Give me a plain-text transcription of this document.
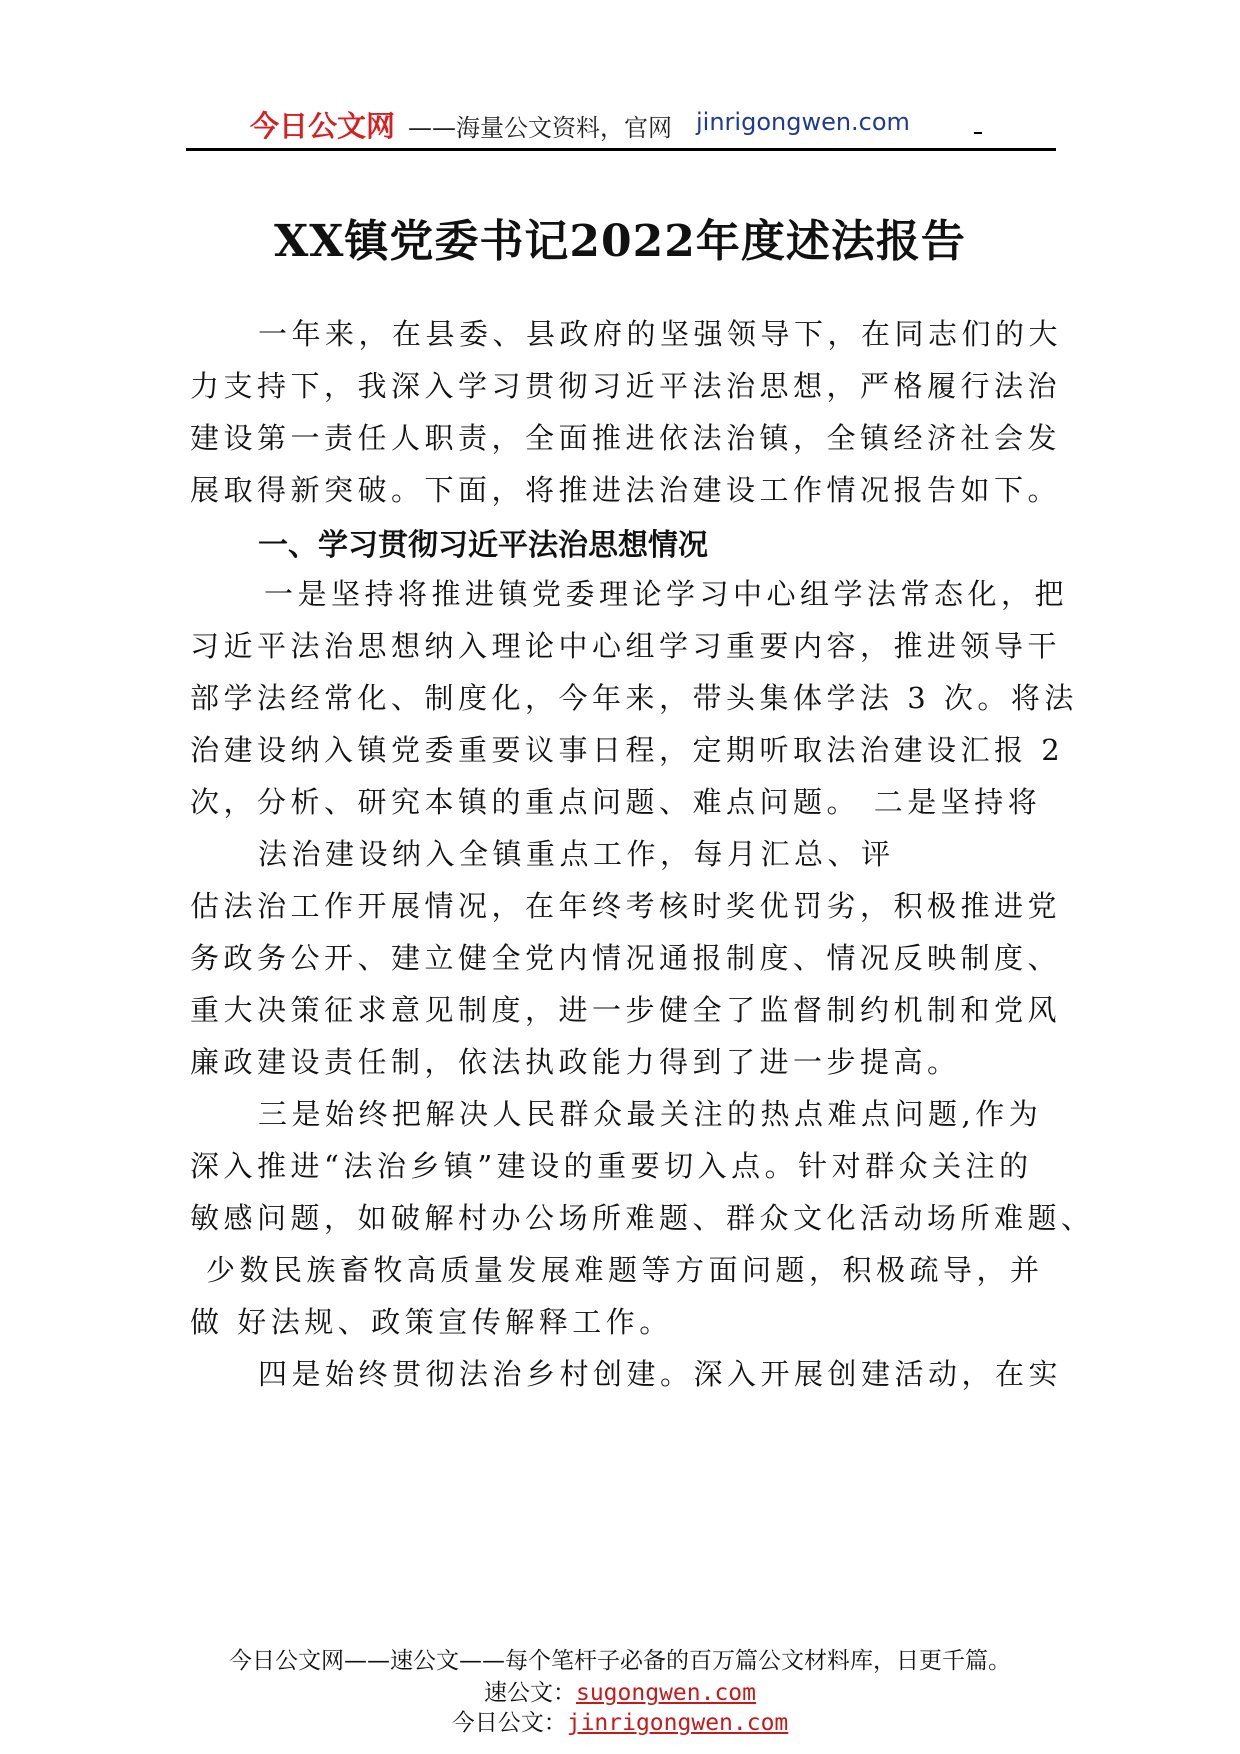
今日公文网 ——海量公文资料，官网 jinrigongwen.com
XX镇党委书记2022年度述法报告
一年来，在县委、县政府的坚强领导下，在同志们的大
力支持下，我深入学习贯彻习近平法治思想，严格履行法治
建设第一责任人职责，全面推进依法治镇，全镇经济社会发
展取得新突破。下面，将推进法治建设工作情况报告如下。
一、学习贯彻习近平法治思想情况
一是坚持将推进镇党委理论学习中心组学法常态化，把
习近平法治思想纳入理论中心组学习重要内容，推进领导干
部学法经常化、制度化，今年来，带头集体学法 3 次。将法
治建设纳入镇党委重要议事日程，定期听取法治建设汇报 2
次，分析、研究本镇的重点问题、难点问题。 二是坚持将
法治建设纳入全镇重点工作，每月汇总、评
估法治工作开展情况，在年终考核时奖优罚劣，积极推进党
务政务公开、建立健全党内情况通报制度、情况反映制度、
重大决策征求意见制度，进一步健全了监督制约机制和党风
廉政建设责任制，依法执政能力得到了进一步提高。
三是始终把解决人民群众最关注的热点难点问题,作为
深入推进“法治乡镇”建设的重要切入点。针对群众关注的
敏感问题，如破解村办公场所难题、群众文化活动场所难题、
少数民族畜牧高质量发展难题等方面问题，积极疏导，并
做 好法规、政策宣传解释工作。
四是始终贯彻法治乡村创建。深入开展创建活动，在实
今日公文网——速公文——每个笔杆子必备的百万篇公文材料库，日更千篇。
速公文：sugongwen.com
今日公文：jinrigongwen.com
